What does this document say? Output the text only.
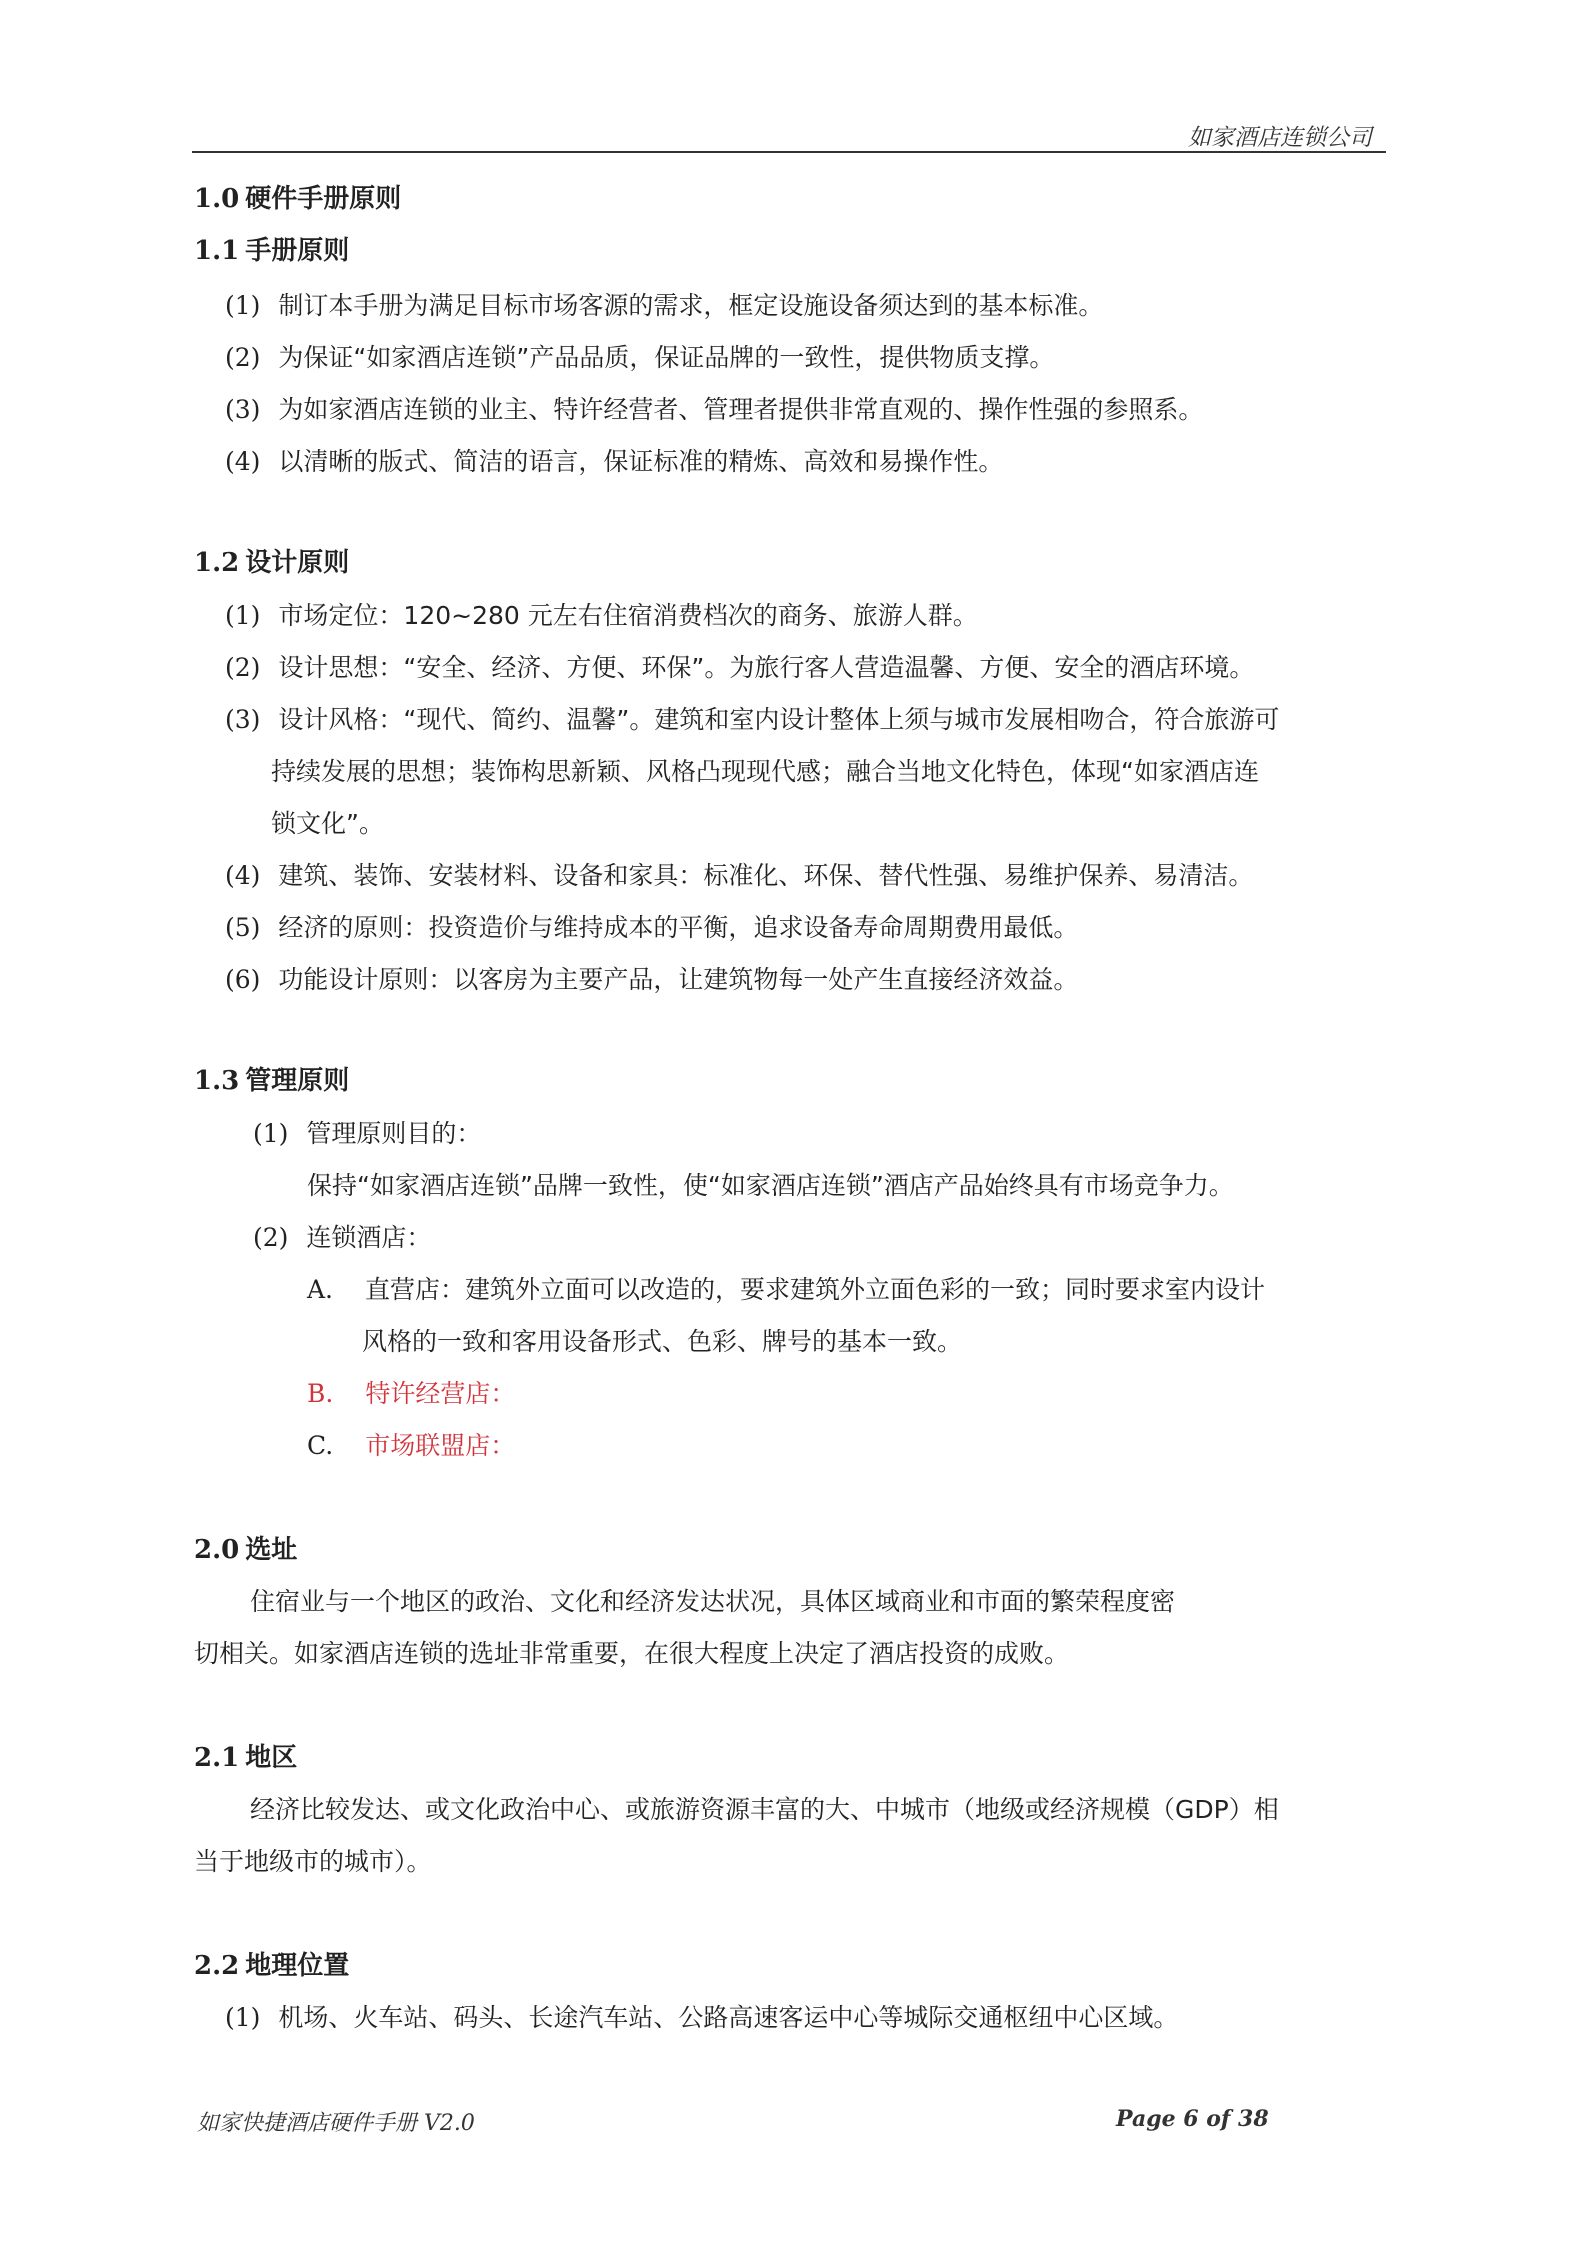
如家酒店连锁公司
1.0 硬件手册原则
1.1 手册原则
(1) 制订本手册为满足目标市场客源的需求，框定设施设备须达到的基本标准。
(2) 为保证“如家酒店连锁”产品品质，保证品牌的一致性，提供物质支撑。
(3) 为如家酒店连锁的业主、特许经营者、管理者提供非常直观的、操作性强的参照系。
(4) 以清晰的版式、简洁的语言，保证标准的精炼、高效和易操作性。
1.2 设计原则
(1) 市场定位：120~280 元左右住宿消费档次的商务、旅游人群。
(2) 设计思想：“安全、经济、方便、环保”。为旅行客人营造温馨、方便、安全的酒店环境。
(3) 设计风格：“现代、简约、温馨”。建筑和室内设计整体上须与城市发展相吻合，符合旅游可
持续发展的思想；装饰构思新颖、风格凸现现代感；融合当地文化特色，体现“如家酒店连
锁文化”。
(4) 建筑、装饰、安装材料、设备和家具：标准化、环保、替代性强、易维护保养、易清洁。
(5) 经济的原则：投资造价与维持成本的平衡，追求设备寿命周期费用最低。
(6) 功能设计原则：以客房为主要产品，让建筑物每一处产生直接经济效益。
1.3 管理原则
(1) 管理原则目的：
保持“如家酒店连锁”品牌一致性，使“如家酒店连锁”酒店产品始终具有市场竞争力。
(2) 连锁酒店：
A. 直营店：建筑外立面可以改造的，要求建筑外立面色彩的一致；同时要求室内设计
风格的一致和客用设备形式、色彩、牌号的基本一致。
B. 特许经营店：
C. 市场联盟店：
2.0 选址
住宿业与一个地区的政治、文化和经济发达状况，具体区域商业和市面的繁荣程度密
切相关。如家酒店连锁的选址非常重要，在很大程度上决定了酒店投资的成败。
2.1 地区
经济比较发达、或文化政治中心、或旅游资源丰富的大、中城市（地级或经济规模（GDP）相
当于地级市的城市）。
2.2 地理位置
(1) 机场、火车站、码头、长途汽车站、公路高速客运中心等城际交通枢纽中心区域。
如家快捷酒店硬件手册 V2.0	Page 6 of 38
